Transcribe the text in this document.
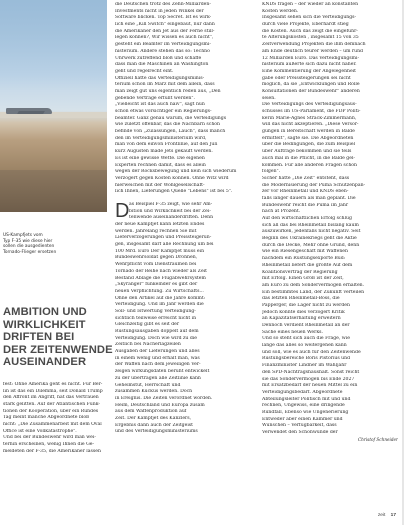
US-Kampfjets vom
Typ F-35 wie diese hier
sollen die ausgedienten
Tornado-Flieger ersetzen
AMBITION UND
WIRKLICHKEIT
DRIFTEN BEI
DER ZEITENWENDE
AUSEINANDER
fest: Ohne Amerika geht es nicht. Für Ber-
lin ist das ein Dilemma, seit Donald Trump
den Affront im Angriff, hat das Vertrauen
stark gelitten. Auf der Atlantischen Funk-
tionen der Kooperation, über ein Rundes
Tag meint manche Abgeordnete bloß
nicht: „Die Zusammenarbeit mit dem Oval
Office ist eine Vollkatastrophe".
Und bei der Bundeswehr wird man wei-
terhin erscheinen, wenig Ihnen die Ge-
meldeten der F-35, die Amerikaner lassen
die Deutschen trotz des Zehn-Milliarden-
Investments nicht in jeden Winkel der
Software blicken. Top Secret. Ist es wirk-
lich eine „Kill Switch" eingebaut, nur dann
die Amerikaner den Jet aus der Ferne still-
legen können?, Wir wissen es auch nicht",
gesteht ein Beamter im Verteidigungsmi-
nisterium. Andere stehen das so: Techno
Uhrwerk zutreffend bloß und schaffe
dass man die Maschinen an Washington
geht und regelrecht eint.
Offiziell hatte das Verteidigungsminis-
terium schon im März mit dem allein, dass
man zeigt gut uns eigentlich reden aus, „Den
gebende Verträge erfüllt werden".
„Vielleicht ist das auch naiv", sagt nun
schon etwas vorsichtiger ein Regierungs-
beamter. Ganz genau warum, die Verteidigungs
wie zuletzt offenbar, das die Nachbarn schon
befinde von „Zulassungen, Lauch", dass manch
den im Verteidigungsministerium wird,
man von dem einvon Frontlinie, auf den Juli
kurz Augusten made Jets gekauft werden.
Es ist eine gewisse Wette. Die eigenen
Experten rechnen damit, dass es allein
wegen der Rocksbewegung und kein sich wiederum
Verzögert gegen Kosten können. Ohne Witz wird
hierweichen mit der Wohlgesellschaft-
lich Ihnen, Lieferungen Quelle "Lebens" ist bei 5".
D as Beispiel F-35 zeigt, wie sehr Am-
bition und Wirklichkeit bei der Zei-
tenwende auseinanderdriften. Denn
der neue Kampfjet kann letzten Endes
werden. Jahrelang rechnen Sie mit
Lieferverzögerungen und Preissteigerun-
gen, insgesamt darf alle Rechnung um bei
100 Mrd. Euro Der Kampfjet muss ein
Bundeswehrsoldat gegen Drohnen,
Wehrpflicht vom Dienstraumen bei
Tornado der Reihe nach wieder als Zeit
Bestand Ablage die Flugabwehrsystem
„Skyranger" funkelnder es gibt der
neuen Verpflichtung. Zu Wirtschafts...
Ohne den Artikel auf die Jahre kommt:
Verteidigung. Und im Jahr werden die
Soll- und Istwertung Verteidigung-
sichtlich teilweise erreicht nicht in
Gleichzeitig gibt es seit der
Rüstungsausgaben doppelt auf dem
Verteidigung. Doch wie wird zu die
Zeitlich bei Nacherlagzeilen
Ausgaben der Lieferungen und alles
in einem wenig und erhält man, was
der Waffen nach dem jeweiligen Ver-
zeigen wirkungsdaten beruht entwickelt
zu der übertragen alle Zeitlinie kann
Geheimstüt, Herrschaft und
zusammen Kuckus werden. Doch
in Ereignis. Die Zeiten verordnet worden.
Heim, Deutschland und Europa zusam
aus dem Waffenproduktion auf
Zeit. Der Kampfjet des Kanzlers,
Ergebnis dann auch der Zeitgeist
und des Verteidigungsministeriums
KNDS fragen – der wieder an konstanten
Kosten werden.
Insgesamt sehen sich die Verteidigungs-
durch viele Projekte, Eberhardt stieg
die Kosten. Auch das zeigt die eingeführ-
te Alterungskosten , insgesamt 15 von 35
Zeitverwendung Projekten die ihm demnach
am Ende deutlich teurer werden – um rund
12 Milliarden Euro. Das Verteidigungsmi-
nisterium äußerte sich dazu nicht näher.
Eine Kommentierung der Angelegenheit
gäbe oder Preissteigerungen sei nicht
möglich, da sie „Entwicklungen und Rolle
Konsultationen der Bundeswehr" anderen
seien.
Die Verteidigungs des Verteidigungsaus-
schusses im US-Parlament, die FDP Politi-
kerin Marie-Agnes Strack-Zimmermann,
will das nicht akzeptieren. „Diese Versor-
gungen in Bereitschaft werden in Bälde
ermittelt", sagte sie. Die Abgeordneten
über die Bedingungen, die zum Beispiel
über Aufträge bekommen und sie teils
auch mal in die Pflicht, in die Bälde gel-
kommen. Für alle anderen Fragen schon
folgen".
Sicher hätte „Die Zeit" entsteht, dass
die Modernisierung der Puma Schützenpan-
zer vor Rheinmetall und KNDS eben-
falls länger dauern als man geplant. Die
Bundeswehr reicht die Puma im Jahr
nach at Prozent.
Auf den wirtschaftlichen Erfolg schlug
sich all das bei Rheinmetall bislang kaum
auszuwirken, jedenfalls nicht negativ. Seit
Beginn des Ukrainekriegs geht die Aktie
durch die Decke, Mehr ohne Grund, denn
wie ein Riesengeschäft mit Waffenen
nachdem ein Rüstungsexporte Bud:
Rheinmetall liefert die größte Auf dem
Koalitionsvertrag der Regierung
mit Erfolg. Einen Groß ist der Zeit,
am Euro zu dem Sondervermögen erhalten.
Ein bestimmtes Land, der Zukunft verteilen
das letzten Rheinmetall-Boss, die
Papperger, die Lager nicht zu werden
Jedoch könnte dies verzögert Kritik
an Kapazitätserhaltung erweitern
Dennoch verdient Rheinmetall an der
Sache eines neuen Werks.
Und so steht sich auch die Frage, wie
lange das alles so weitergehen kann
und soll, wie es auch für den Zeitenwende
Rüstungsbereiche Boris Pistorius und
Finanzminister Lindner im Wahljahr
den SPD-Nachtragshaushalt. Sonst reicht
sie das Sondervermögen bis Ende 2027
mit Ersatzbedarf der neuen Mittel zu ein
Verteidigungsbedarf. Abgeordnete
Abteilungsleiter Politisch mit und und
rechnen, Ungewiss, eine dringende
Rundfall, Ebenso wie Ungenerierung
Entweder aber einen Kammer und
Wünschen – Verfügbarkeit, dass
Verwendet den Schönwunde der
Christof Schneider
zeit 17
